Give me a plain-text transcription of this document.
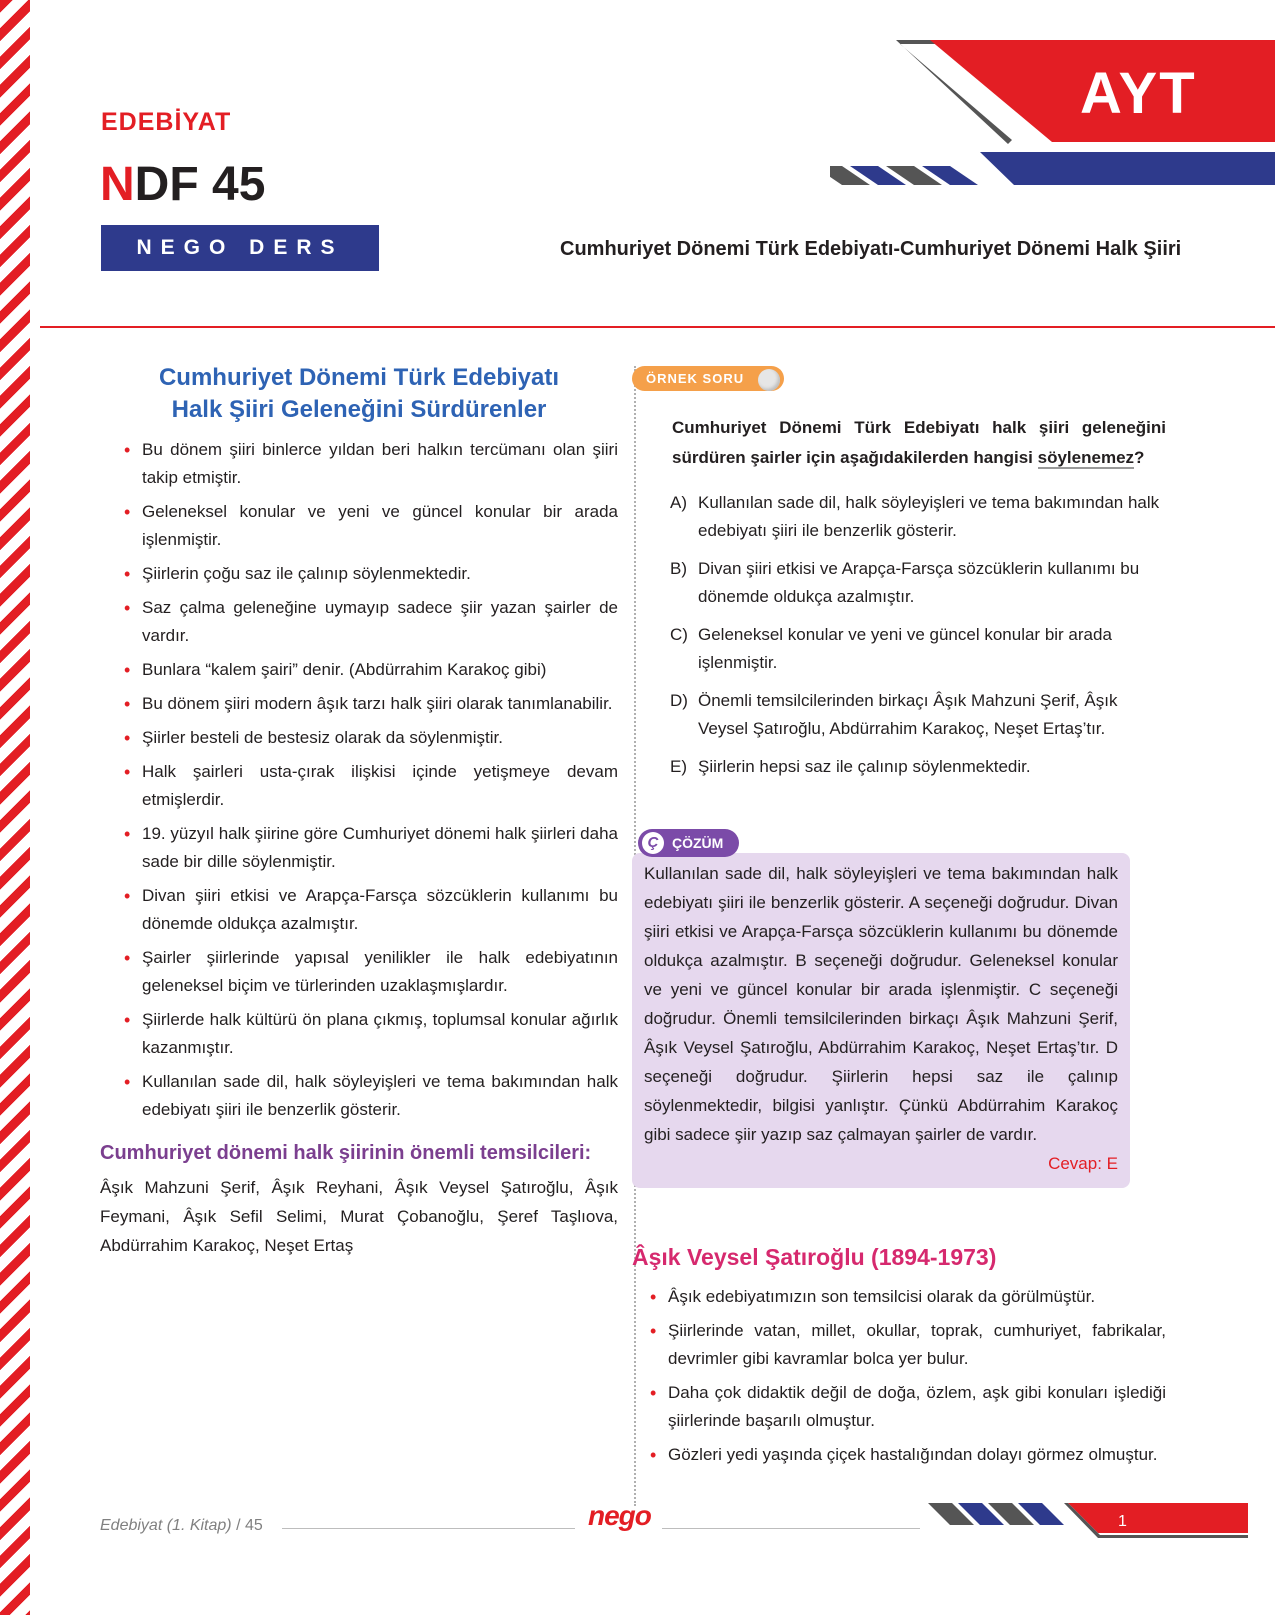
EDEBİYAT
NDF 45
NEGO DERS FÖYÜ
AYT
Cumhuriyet Dönemi Türk Edebiyatı-Cumhuriyet Dönemi Halk Şiiri
Cumhuriyet Dönemi Türk Edebiyatı
Halk Şiiri Geleneğini Sürdürenler
• Bu dönem şiiri binlerce yıldan beri halkın tercümanı olan şiiri takip etmiştir.
• Geleneksel konular ve yeni ve güncel konular bir arada işlenmiştir.
• Şiirlerin çoğu saz ile çalınıp söylenmektedir.
• Saz çalma geleneğine uymayıp sadece şiir yazan şairler de vardır.
• Bunlara “kalem şairi” denir. (Abdürrahim Karakoç gibi)
• Bu dönem şiiri modern âşık tarzı halk şiiri olarak tanımlanabilir.
• Şiirler besteli de bestesiz olarak da söylenmiştir.
• Halk şairleri usta-çırak ilişkisi içinde yetişmeye devam etmişlerdir.
• 19. yüzyıl halk şiirine göre Cumhuriyet dönemi halk şiirleri daha sade bir dille söylenmiştir.
• Divan şiiri etkisi ve Arapça-Farsça sözcüklerin kullanımı bu dönemde oldukça azalmıştır.
• Şairler şiirlerinde yapısal yenilikler ile halk edebiyatının geleneksel biçim ve türlerinden uzaklaşmışlardır.
• Şiirlerde halk kültürü ön plana çıkmış, toplumsal konular ağırlık kazanmıştır.
• Kullanılan sade dil, halk söyleyişleri ve tema bakımından halk edebiyatı şiiri ile benzerlik gösterir.
Cumhuriyet dönemi halk şiirinin önemli temsilcileri:
Âşık Mahzuni Şerif, Âşık Reyhani, Âşık Veysel Şatıroğlu, Âşık Feymani, Âşık Sefil Selimi, Murat Çobanoğlu, Şeref Taşlıova, Abdürrahim Karakoç, Neşet Ertaş
ÖRNEK SORU
Cumhuriyet Dönemi Türk Edebiyatı halk şiiri geleneğini sürdüren şairler için aşağıdakilerden hangisi söylenemez?
A) Kullanılan sade dil, halk söyleyişleri ve tema bakımından halk edebiyatı şiiri ile benzerlik gösterir.
B) Divan şiiri etkisi ve Arapça-Farsça sözcüklerin kullanımı bu dönemde oldukça azalmıştır.
C) Geleneksel konular ve yeni ve güncel konular bir arada işlenmiştir.
D) Önemli temsilcilerinden birkaçı Âşık Mahzuni Şerif, Âşık Veysel Şatıroğlu, Abdürrahim Karakoç, Neşet Ertaş’tır.
E) Şiirlerin hepsi saz ile çalınıp söylenmektedir.
Ç ÇÖZÜM
Kullanılan sade dil, halk söyleyişleri ve tema bakımından halk edebiyatı şiiri ile benzerlik gösterir. A seçeneği doğrudur. Divan şiiri etkisi ve Arapça-Farsça sözcüklerin kullanımı bu dönemde oldukça azalmıştır. B seçeneği doğrudur. Geleneksel konular ve yeni ve güncel konular bir arada işlenmiştir. C seçeneği doğrudur. Önemli temsilcilerinden birkaçı Âşık Mahzuni Şerif, Âşık Veysel Şatıroğlu, Abdürrahim Karakoç, Neşet Ertaş’tır. D seçeneği doğrudur. Şiirlerin hepsi saz ile çalınıp söylenmektedir, bilgisi yanlıştır. Çünkü Abdürrahim Karakoç gibi sadece şiir yazıp saz çalmayan şairler de vardır.
Cevap: E
Âşık Veysel Şatıroğlu (1894-1973)
• Âşık edebiyatımızın son temsilcisi olarak da görülmüştür.
• Şiirlerinde vatan, millet, okullar, toprak, cumhuriyet, fabrikalar, devrimler gibi kavramlar bolca yer bulur.
• Daha çok didaktik değil de doğa, özlem, aşk gibi konuları işlediği şiirlerinde başarılı olmuştur.
• Gözleri yedi yaşında çiçek hastalığından dolayı görmez olmuştur.
Edebiyat (1. Kitap) / 45	nego	1
